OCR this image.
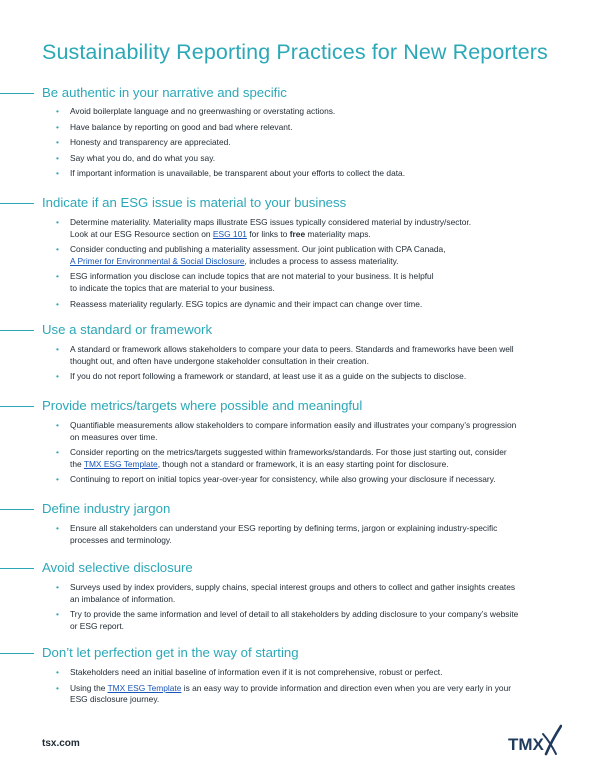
Sustainability Reporting Practices for New Reporters
Be authentic in your narrative and specific
• Avoid boilerplate language and no greenwashing or overstating actions.
• Have balance by reporting on good and bad where relevant.
• Honesty and transparency are appreciated.
• Say what you do, and do what you say.
• If important information is unavailable, be transparent about your efforts to collect the data.
Indicate if an ESG issue is material to your business
• Determine materiality. Materiality maps illustrate ESG issues typically considered material by industry/sector.
Look at our ESG Resource section on ESG 101 for links to free materiality maps.
• Consider conducting and publishing a materiality assessment. Our joint publication with CPA Canada,
A Primer for Environmental & Social Disclosure, includes a process to assess materiality.
• ESG information you disclose can include topics that are not material to your business. It is helpful
to indicate the topics that are material to your business.
• Reassess materiality regularly. ESG topics are dynamic and their impact can change over time.
Use a standard or framework
• A standard or framework allows stakeholders to compare your data to peers. Standards and frameworks have been well
thought out, and often have undergone stakeholder consultation in their creation.
• If you do not report following a framework or standard, at least use it as a guide on the subjects to disclose.
Provide metrics/targets where possible and meaningful
• Quantifiable measurements allow stakeholders to compare information easily and illustrates your company’s progression
on measures over time.
• Consider reporting on the metrics/targets suggested within frameworks/standards. For those just starting out, consider
the TMX ESG Template, though not a standard or framework, it is an easy starting point for disclosure.
• Continuing to report on initial topics year-over-year for consistency, while also growing your disclosure if necessary.
Define industry jargon
• Ensure all stakeholders can understand your ESG reporting by defining terms, jargon or explaining industry-specific
processes and terminology.
Avoid selective disclosure
• Surveys used by index providers, supply chains, special interest groups and others to collect and gather insights creates
an imbalance of information.
• Try to provide the same information and level of detail to all stakeholders by adding disclosure to your company’s website
or ESG report.
Don’t let perfection get in the way of starting
• Stakeholders need an initial baseline of information even if it is not comprehensive, robust or perfect.
• Using the TMX ESG Template is an easy way to provide information and direction even when you are very early in your
ESG disclosure journey.
tsx.com	TMX
